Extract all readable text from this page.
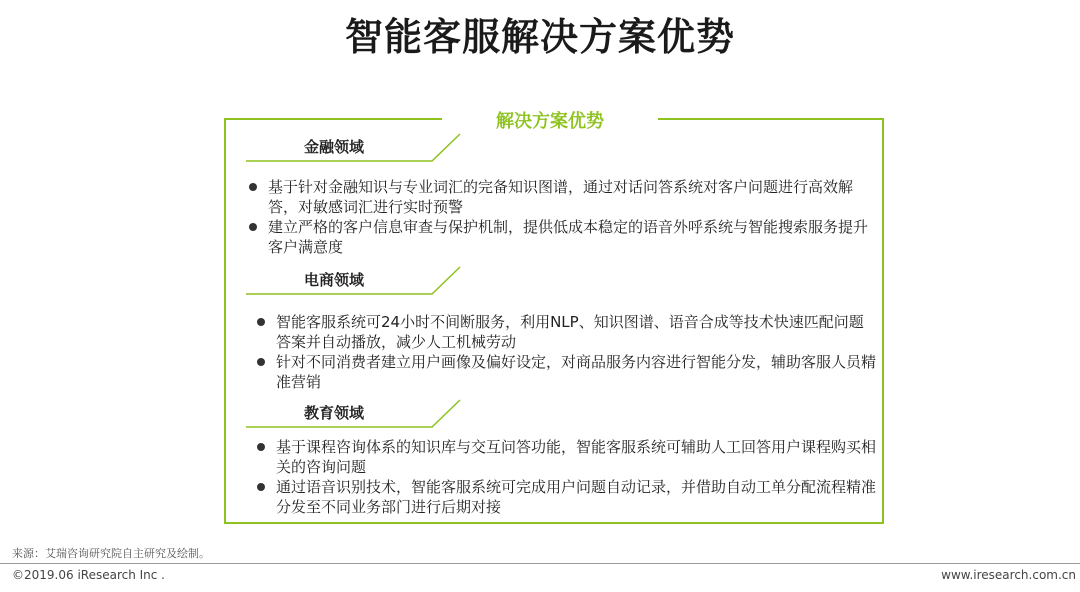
智能客服解决方案优势
解决方案优势
金融领域
基于针对金融知识与专业词汇的完备知识图谱，通过对话问答系统对客户问题进行高效解答，对敏感词汇进行实时预警
建立严格的客户信息审查与保护机制，提供低成本稳定的语音外呼系统与智能搜索服务提升客户满意度
电商领域
智能客服系统可24小时不间断服务，利用NLP、知识图谱、语音合成等技术快速匹配问题答案并自动播放，减少人工机械劳动
针对不同消费者建立用户画像及偏好设定，对商品服务内容进行智能分发，辅助客服人员精准营销
教育领域
基于课程咨询体系的知识库与交互问答功能，智能客服系统可辅助人工回答用户课程购买相关的咨询问题
通过语音识别技术，智能客服系统可完成用户问题自动记录，并借助自动工单分配流程精准分发至不同业务部门进行后期对接
来源：艾瑞咨询研究院自主研究及绘制。
©2019.06 iResearch Inc .	www.iresearch.com.cn
